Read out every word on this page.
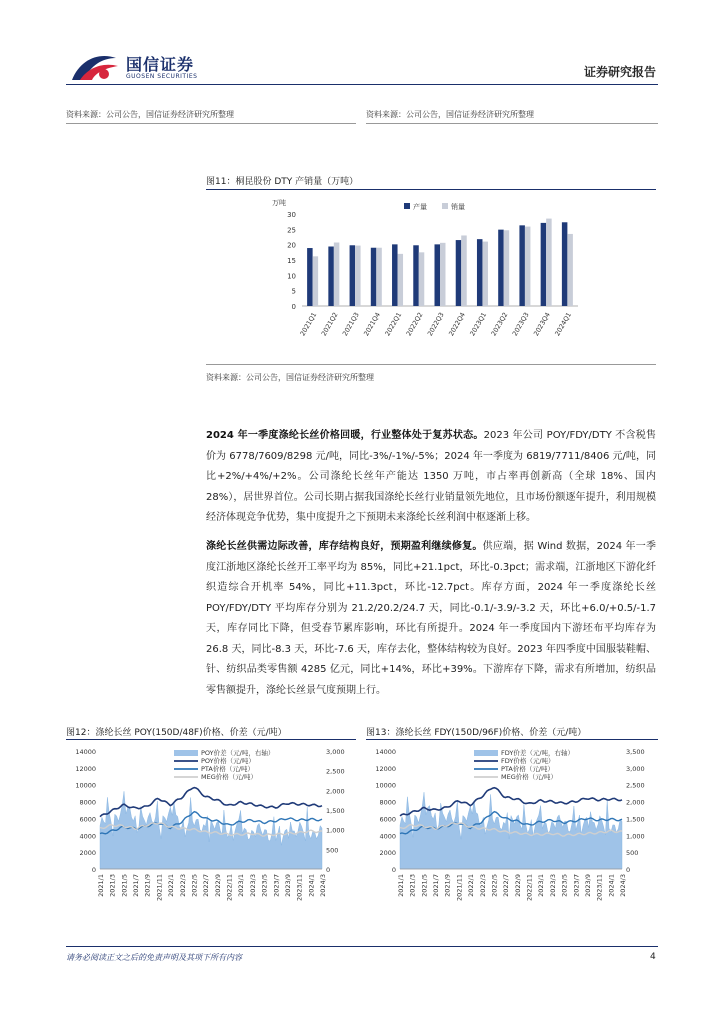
国信证券
GUOSEN SECURITIES	证券研究报告
资料来源：公司公告，国信证券经济研究所整理	资料来源：公司公告，国信证券经济研究所整理
图11：桐昆股份 DTY 产销量（万吨）
万吨
0
5
10
15
20
25
30
2021Q1 2021Q2 2021Q3 2021Q4 2022Q1 2022Q2 2022Q3 2022Q4 2023Q1 2023Q2 2023Q3 2023Q4 2024Q1
产量	销量
资料来源：公司公告，国信证券经济研究所整理
2024 年一季度涤纶长丝价格回暖，行业整体处于复苏状态。2023 年公司 POY/FDY/DTY 不含税售价为 6778/7609/8298 元/吨，同比-3%/-1%/-5%；2024 年一季度为 6819/7711/8406 元/吨，同比+2%/+4%/+2%。公司涤纶长丝年产能达 1350 万吨，市占率再创新高（全球 18%、国内 28%），居世界首位。公司长期占据我国涤纶长丝行业销量领先地位，且市场份额逐年提升，利用规模经济体现竞争优势，集中度提升之下预期未来涤纶长丝利润中枢逐渐上移。
涤纶长丝供需边际改善，库存结构良好，预期盈利继续修复。供应端，据 Wind 数据，2024 年一季度江浙地区涤纶长丝开工率平均为 85%，同比+21.1pct，环比-0.3pct；需求端，江浙地区下游化纤织造综合开机率 54%，同比+11.3pct，环比-12.7pct。库存方面，2024 年一季度涤纶长丝 POY/FDY/DTY 平均库存分别为 21.2/20.2/24.7 天，同比-0.1/-3.9/-3.2 天，环比+6.0/+0.5/-1.7 天，库存同比下降，但受春节累库影响，环比有所提升。2024 年一季度国内下游坯布平均库存为 26.8 天，同比-8.3 天，环比-7.6 天，库存去化，整体结构较为良好。2023 年四季度中国服装鞋帽、针、纺织品类零售额 4285 亿元，同比+14%，环比+39%。下游库存下降，需求有所增加，纺织品零售额提升，涤纶长丝景气度预期上行。
图12：涤纶长丝 POY(150D/48F)价格、价差（元/吨）
0
2000
4000
6000
8000
10000
12000
14000
0
500
1,000
1,500
2,000
2,500
3,000
2021/1 2021/3 2021/5 2021/7 2021/9 2021/11 2022/1 2022/3 2022/5 2022/7 2022/9 2022/11 2023/1 2023/3 2023/5 2023/7 2023/9 2023/11 2024/1 2024/3
POY价差（元/吨，右轴）
POY价格（元/吨）
PTA价格（元/吨）
MEG价格（元/吨）
图13：涤纶长丝 FDY(150D/96F)价格、价差（元/吨）
0
2000
4000
6000
8000
10000
12000
14000
0
500
1,000
1,500
2,000
2,500
3,000
3,500
2021/1 2021/3 2021/5 2021/7 2021/9 2021/11 2022/1 2022/3 2022/5 2022/7 2022/9 2022/11 2023/1 2023/3 2023/5 2023/7 2023/9 2023/11 2024/1 2024/3
FDY价差（元/吨，右轴）
FDY价格（元/吨）
PTA价格（元/吨）
MEG价格（元/吨）
请务必阅读正文之后的免责声明及其项下所有内容	4
